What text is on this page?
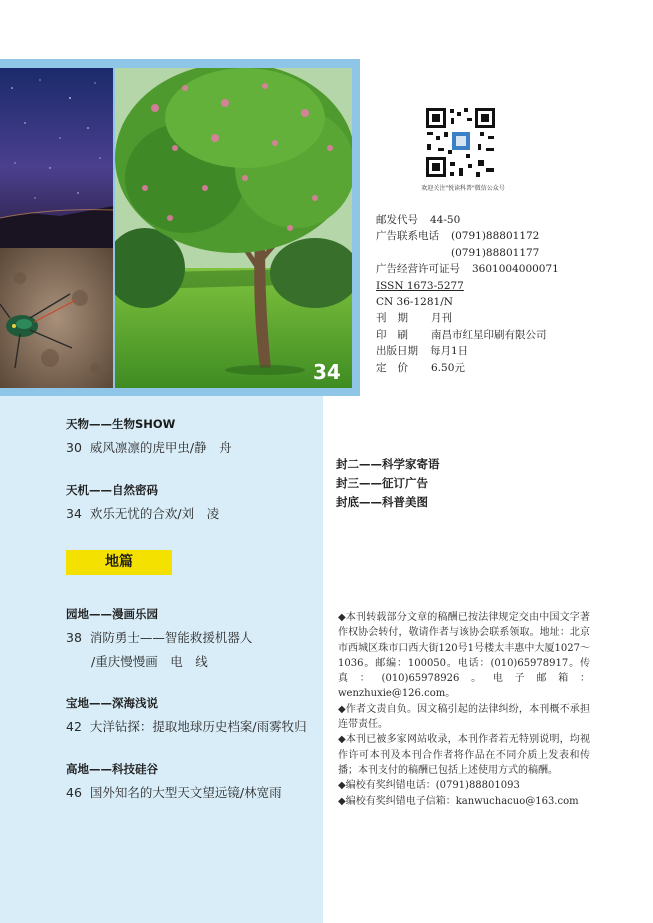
34
欢迎关注"悦读科普"微信公众号
邮发代号 44-50
广告联系电话 (0791)88801172
(0791)88801177
广告经营许可证号 3601004000071
ISSN 1673-5277
CN 36-1281/N
刊期 月刊
印刷 南昌市红星印刷有限公司
出版日期 每月1日
定价 6.50元
天物——生物SHOW
30 威风凛凛的虎甲虫/静　舟
天机——自然密码
34 欢乐无忧的合欢/刘　凌
地篇
园地——漫画乐园
38 消防勇士——智能救援机器人
/重庆慢慢画　电　线
宝地——深海浅说
42 大洋钻探：提取地球历史档案/雨雾牧归
高地——科技硅谷
46 国外知名的大型天文望远镜/林宽雨
封二——科学家寄语
封三——征订广告
封底——科普美图

◆本刊转载部分文章的稿酬已按法律规定交由中国文字著作权协会转付，敬请作者与该协会联系领取。地址：北京市西城区珠市口西大街120号1号楼太丰惠中大厦1027～1036。邮编：100050。电话：(010)65978917。传真：(010)65978926。电子邮箱：wenzhuxie@126.com。

◆作者文责自负。因文稿引起的法律纠纷，本刊概不承担连带责任。

◆本刊已被多家网站收录，本刊作者若无特别说明，均视作许可本刊及本刊合作者将作品在不同介质上发表和传播；本刊支付的稿酬已包括上述使用方式的稿酬。

◆编校有奖纠错电话：(0791)88801093

◆编校有奖纠错电子信箱：kanwuchacuo@163.com
